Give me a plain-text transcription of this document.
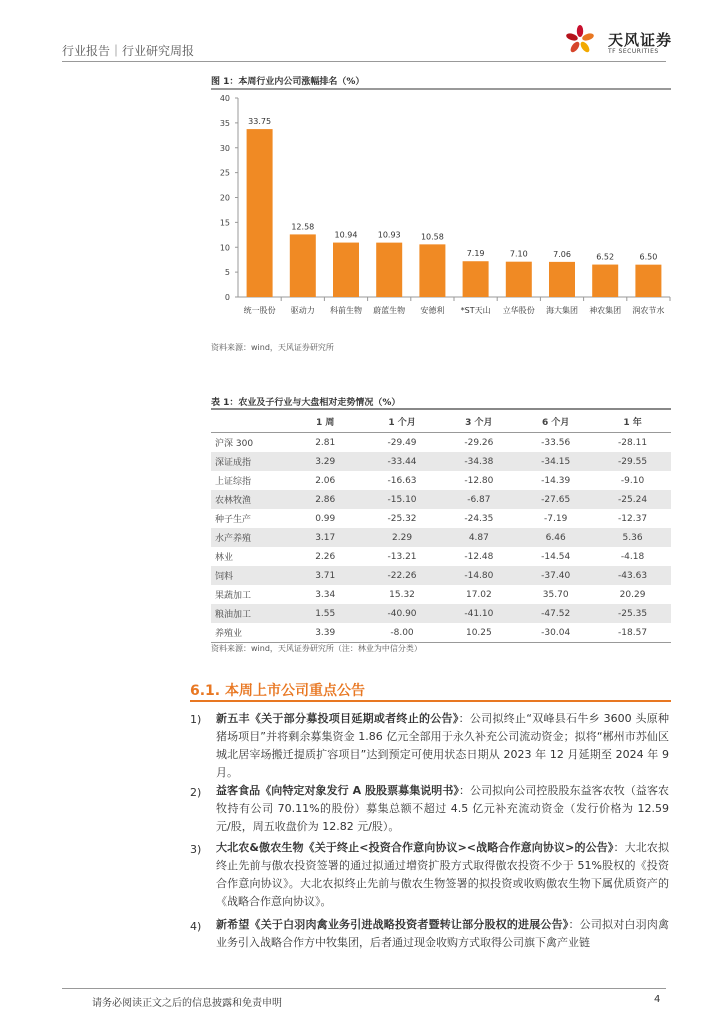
行业报告｜行业研究周报
天风证券
TF SECURITIES
图 1：本周行业内公司涨幅排名（%）
0
5
10
15
20
25
30
35
40
33.75
统一股份
12.58
驱动力
10.94
科前生物
10.93
蔚蓝生物
10.58
安德利
7.19
*ST天山
7.10
立华股份
7.06
海大集团
6.52
神农集团
6.50
润农节水
资料来源：wind，天风证券研究所
表 1：农业及子行业与大盘相对走势情况（%）
	1 周	1 个月	3 个月	6 个月	1 年
沪深 300	2.81	-29.49	-29.26	-33.56	-28.11
深证成指	3.29	-33.44	-34.38	-34.15	-29.55
上证综指	2.06	-16.63	-12.80	-14.39	-9.10
农林牧渔	2.86	-15.10	-6.87	-27.65	-25.24
种子生产	0.99	-25.32	-24.35	-7.19	-12.37
水产养殖	3.17	2.29	4.87	6.46	5.36
林业	2.26	-13.21	-12.48	-14.54	-4.18
饲料	3.71	-22.26	-14.80	-37.40	-43.63
果蔬加工	3.34	15.32	17.02	35.70	20.29
粮油加工	1.55	-40.90	-41.10	-47.52	-25.35
养殖业	3.39	-8.00	10.25	-30.04	-18.57
资料来源：wind，天风证券研究所（注：林业为中信分类）
6.1. 本周上市公司重点公告
1) 新五丰《关于部分募投项目延期或者终止的公告》：公司拟终止“双峰县石牛乡 3600 头原种猪场项目”并将剩余募集资金 1.86 亿元全部用于永久补充公司流动资金；拟将“郴州市苏仙区城北居宰场搬迁提质扩容项目”达到预定可使用状态日期从 2023 年 12 月延期至 2024 年 9 月。
2) 益客食品《向特定对象发行 A 股股票募集说明书》：公司拟向公司控股股东益客农牧（益客农牧持有公司 70.11%的股份）募集总额不超过 4.5 亿元补充流动资金（发行价格为 12.59 元/股，周五收盘价为 12.82 元/股）。
3) 大北农&傲农生物《关于终止<投资合作意向协议><战略合作意向协议>的公告》：大北农拟终止先前与傲农投资签署的通过拟通过增资扩股方式取得傲农投资不少于 51%股权的《投资合作意向协议》。大北农拟终止先前与傲农生物签署的拟投资或收购傲农生物下属优质资产的《战略合作意向协议》。
4) 新希望《关于白羽肉禽业务引进战略投资者暨转让部分股权的进展公告》：公司拟对白羽肉禽业务引入战略合作方中牧集团，后者通过现金收购方式取得公司旗下禽产业链
请务必阅读正文之后的信息披露和免责申明	4
